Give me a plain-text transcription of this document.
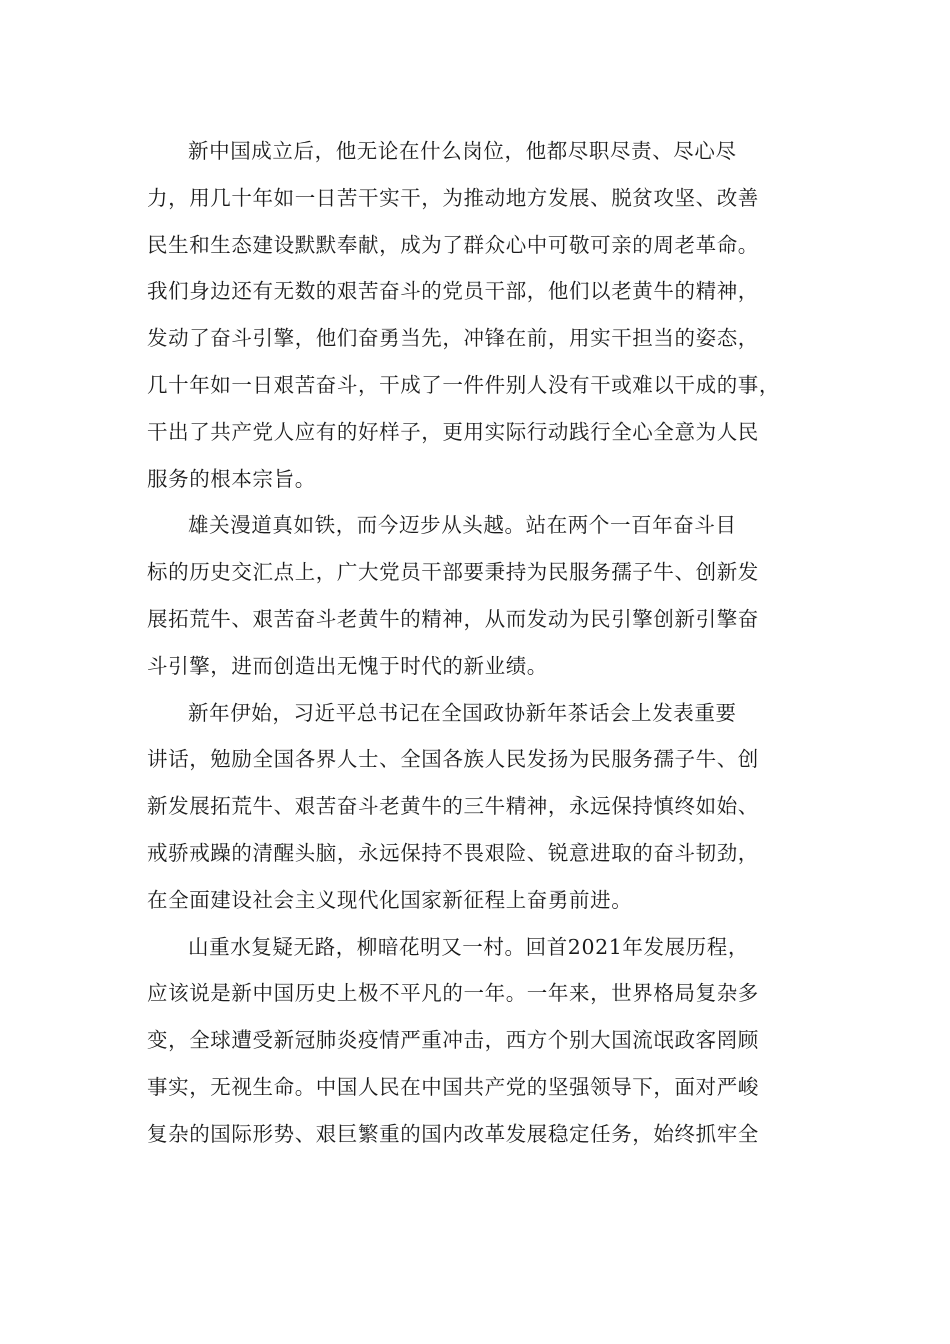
新中国成立后，他无论在什么岗位，他都尽职尽责、尽心尽
力，用几十年如一日苦干实干，为推动地方发展、脱贫攻坚、改善
民生和生态建设默默奉献，成为了群众心中可敬可亲的周老革命。
我们身边还有无数的艰苦奋斗的党员干部，他们以老黄牛的精神，
发动了奋斗引擎，他们奋勇当先，冲锋在前，用实干担当的姿态，
几十年如一日艰苦奋斗，干成了一件件别人没有干或难以干成的事，
干出了共产党人应有的好样子，更用实际行动践行全心全意为人民
服务的根本宗旨。

雄关漫道真如铁，而今迈步从头越。站在两个一百年奋斗目
标的历史交汇点上，广大党员干部要秉持为民服务孺子牛、创新发
展拓荒牛、艰苦奋斗老黄牛的精神，从而发动为民引擎创新引擎奋
斗引擎，进而创造出无愧于时代的新业绩。

新年伊始，习近平总书记在全国政协新年茶话会上发表重要
讲话，勉励全国各界人士、全国各族人民发扬为民服务孺子牛、创
新发展拓荒牛、艰苦奋斗老黄牛的三牛精神，永远保持慎终如始、
戒骄戒躁的清醒头脑，永远保持不畏艰险、锐意进取的奋斗韧劲，
在全面建设社会主义现代化国家新征程上奋勇前进。

山重水复疑无路，柳暗花明又一村。回首2021年发展历程，
应该说是新中国历史上极不平凡的一年。一年来，世界格局复杂多
变，全球遭受新冠肺炎疫情严重冲击，西方个别大国流氓政客罔顾
事实，无视生命。中国人民在中国共产党的坚强领导下，面对严峻
复杂的国际形势、艰巨繁重的国内改革发展稳定任务，始终抓牢全
